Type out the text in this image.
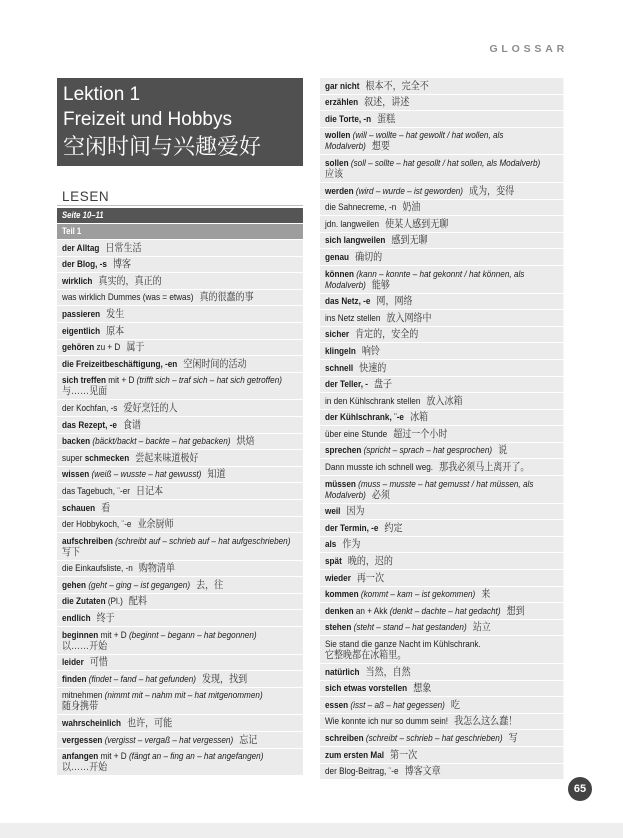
GLOSSAR
Lektion 1
Freizeit und Hobbys
空闲时间与兴趣爱好
LESEN
Seite 10–11
Teil 1
der Alltag 日常生活
der Blog, -s 博客
wirklich 真实的，真正的
was wirklich Dummes (was = etwas) 真的很蠢的事
passieren 发生
eigentlich 原本
gehören zu + D 属于
die Freizeitbeschäftigung, -en 空闲时间的活动
sich treffen mit + D (trifft sich – traf sich – hat sich getroffen)
与……见面
der Kochfan, -s 爱好烹饪的人
das Rezept, -e 食谱
backen (bäckt/backt – backte – hat gebacken) 烘焙
super schmecken 尝起来味道极好
wissen (weiß – wusste – hat gewusst) 知道
das Tagebuch, ¨-er 日记本
schauen 看
der Hobbykoch, ¨-e 业余厨师
aufschreiben (schreibt auf – schrieb auf – hat aufgeschrieben)
写下
die Einkaufsliste, -n 购物清单
gehen (geht – ging – ist gegangen) 去，往
die Zutaten (Pl.) 配料
endlich 终于
beginnen mit + D (beginnt – begann – hat begonnen)
以……开始
leider 可惜
finden (findet – fand – hat gefunden) 发现，找到
mitnehmen (nimmt mit – nahm mit – hat mitgenommen)
随身携带
wahrscheinlich 也许，可能
vergessen (vergisst – vergaß – hat vergessen) 忘记
anfangen mit + D (fängt an – fing an – hat angefangen)
以……开始
gar nicht 根本不，完全不
erzählen 叙述，讲述
die Torte, -n 蛋糕
wollen (will – wollte – hat gewollt / hat wollen, als
Modalverb) 想要
sollen (soll – sollte – hat gesollt / hat sollen, als Modalverb)
应该
werden (wird – wurde – ist geworden) 成为，变得
die Sahnecreme, -n 奶油
jdn. langweilen 使某人感到无聊
sich langweilen 感到无聊
genau 确切的
können (kann – konnte – hat gekonnt / hat können, als
Modalverb) 能够
das Netz, -e 网，网络
ins Netz stellen 放入网络中
sicher 肯定的，安全的
klingeln 响铃
schnell 快速的
der Teller, - 盘子
in den Kühlschrank stellen 放入冰箱
der Kühlschrank, ¨-e 冰箱
über eine Stunde 超过一个小时
sprechen (spricht – sprach – hat gesprochen) 说
Dann musste ich schnell weg. 那我必须马上离开了。
müssen (muss – musste – hat gemusst / hat müssen, als
Modalverb) 必须
weil 因为
der Termin, -e 约定
als 作为
spät 晚的，迟的
wieder 再一次
kommen (kommt – kam – ist gekommen) 来
denken an + Akk (denkt – dachte – hat gedacht) 想到
stehen (steht – stand – hat gestanden) 站立
Sie stand die ganze Nacht im Kühlschrank.
它整晚都在冰箱里。
natürlich 当然，自然
sich etwas vorstellen 想象
essen (isst – aß – hat gegessen) 吃
Wie konnte ich nur so dumm sein! 我怎么这么蠢！
schreiben (schreibt – schrieb – hat geschrieben) 写
zum ersten Mal 第一次
der Blog-Beitrag, ¨-e 博客文章
65
